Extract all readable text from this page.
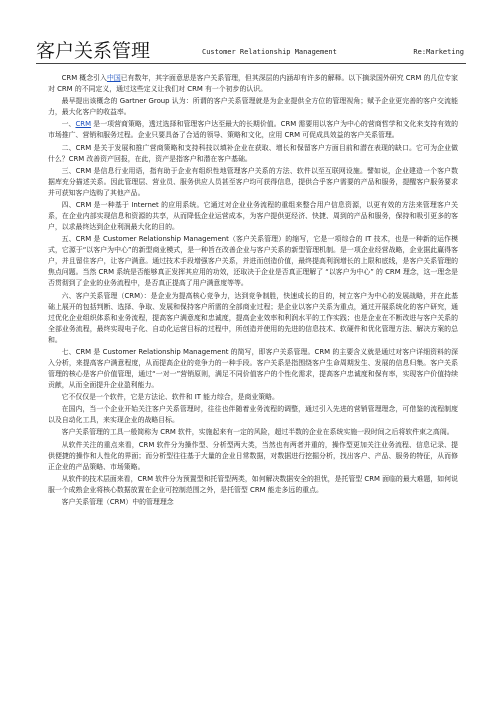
客户关系管理	Customer Relationship Management	Re:Marketing

CRM 概念引入中国已有数年，其字面意思是客户关系管理，但其深层的内涵却有许多的解释。以下摘录国外研究 CRM 的几位专家对 CRM 的不同定义，通过这些定义让我们对 CRM 有一个初步的认识。

最早提出该概念的 Gartner Group 认为：所谓的客户关系管理就是为企业提供全方位的管理视角；赋予企业更完善的客户交流能力，最大化客户的收益率。

一、CRM 是一项营商策略，透过选择和管理客户达至最大的长期价值。CRM 需要用以客户为中心的营商哲学和文化来支持有效的市场推广、营销和服务过程。企业只要具备了合适的领导、策略和文化，应用 CRM 可促成具效益的客户关系管理。

二、CRM 是关于发展和推广营商策略和支持科技以填补企业在获取、增长和保留客户方面目前和潜在表现的缺口。它可为企业做什么？CRM 改善资产回报，在此，资产是指客户和潜在客户基础。

三、CRM 是信息行业用语，指有助于企业有组织性地管理客户关系的方法、软件以至互联网设施。譬如说，企业建造一个客户数据库充分描述关系。因此管理层、营业员、服务供应人员甚至客户均可获得信息，提供合乎客户需要的产品和服务，提醒客户服务要求并可获知客户选购了其他产品。

四、CRM 是一种基于 Internet 的应用系统。它通过对企业业务流程的重组来整合用户信息资源，以更有效的方法来管理客户关系，在企业内部实现信息和资源的共享，从而降低企业运营成本，为客户提供更经济、快捷、周到的产品和服务，保持和吸引更多的客户，以求最终达到企业利润最大化的目的。

五、CRM 是 Customer Relationship Management（客户关系管理）的缩写，它是一项综合的 IT 技术，也是一种新的运作模式，它源于“以客户为中心”的新型商业模式，是一种旨在改善企业与客户关系的新型管理机制。是一项企业经营战略，企业据此赢得客户，并且留住客户，让客户满意。通过技术手段增强客户关系，并进而创造价值，最终提高利润增长的上限和底线，是客户关系管理的焦点问题。当然 CRM 系统是否能够真正发挥其应用的功效，还取决于企业是否真正理解了 “以客户为中心” 的 CRM 理念，这一理念是否贯彻到了企业的业务流程中，是否真正提高了用户满意度等等。

六、客户关系管理（CRM）：是企业为提高核心竞争力，达到竞争制胜，快速成长的目的，树立客户为中心的发展战略，并在此基础上展开的包括判断、选择、争取、发展和保持客户所需的全部商业过程；是企业以客户关系为重点，通过开展系统化的客户研究，通过优化企业组织体系和业务流程，提高客户满意度和忠诚度，提高企业效率和利润水平的工作实践；也是企业在不断改进与客户关系的全部业务流程，最终实现电子化、自动化运营目标的过程中，所创造并使用的先进的信息技术、软硬件和优化管理方法、解决方案的总和。

七、CRM 是 Customer Relationship Management 的简写，即客户关系管理。CRM 的主要含义就是通过对客户详细资料的深入分析，来提高客户满意程度，从而提高企业的竞争力的一种手段。客户关系是指围绕客户生命周期发生、发展的信息归集。客户关系管理的核心是客户价值管理，通过“一对一”营销原则，满足不同价值客户的个性化需求，提高客户忠诚度和保有率，实现客户价值持续贡献，从而全面提升企业盈利能力。

它不仅仅是一个软件，它是方法论、软件和 IT 能力综合，是商业策略。

在国内，当一个企业开始关注客户关系管理时，往往也伴随着业务流程的调整，通过引入先进的营销管理理念，可借鉴的流程制度以及自动化工具，来实现企业的战略目标。

客户关系管理的工具一般简称为 CRM 软件，实施起来有一定的风险，超过半数的企业在系统实施一段时间之后将软件束之高阁。

从软件关注的重点来看，CRM 软件分为操作型、分析型两大类，当然也有两者并重的，操作型更加关注业务流程、信息记录、提供便捷的操作和人性化的界面；而分析型往往基于大量的企业日常数据，对数据进行挖掘分析，找出客户、产品、服务的特征，从而修正企业的产品策略、市场策略。

从软件的技术层面来看，CRM 软件分为预置型和托管型两类，如何解决数据安全的担忧，是托管型 CRM 面临的最大难题，如何说服一个成熟企业将核心数据放置在企业可控制范围之外，是托管型 CRM 能走多远的重点。

客户关系管理（CRM）中的管理理念
